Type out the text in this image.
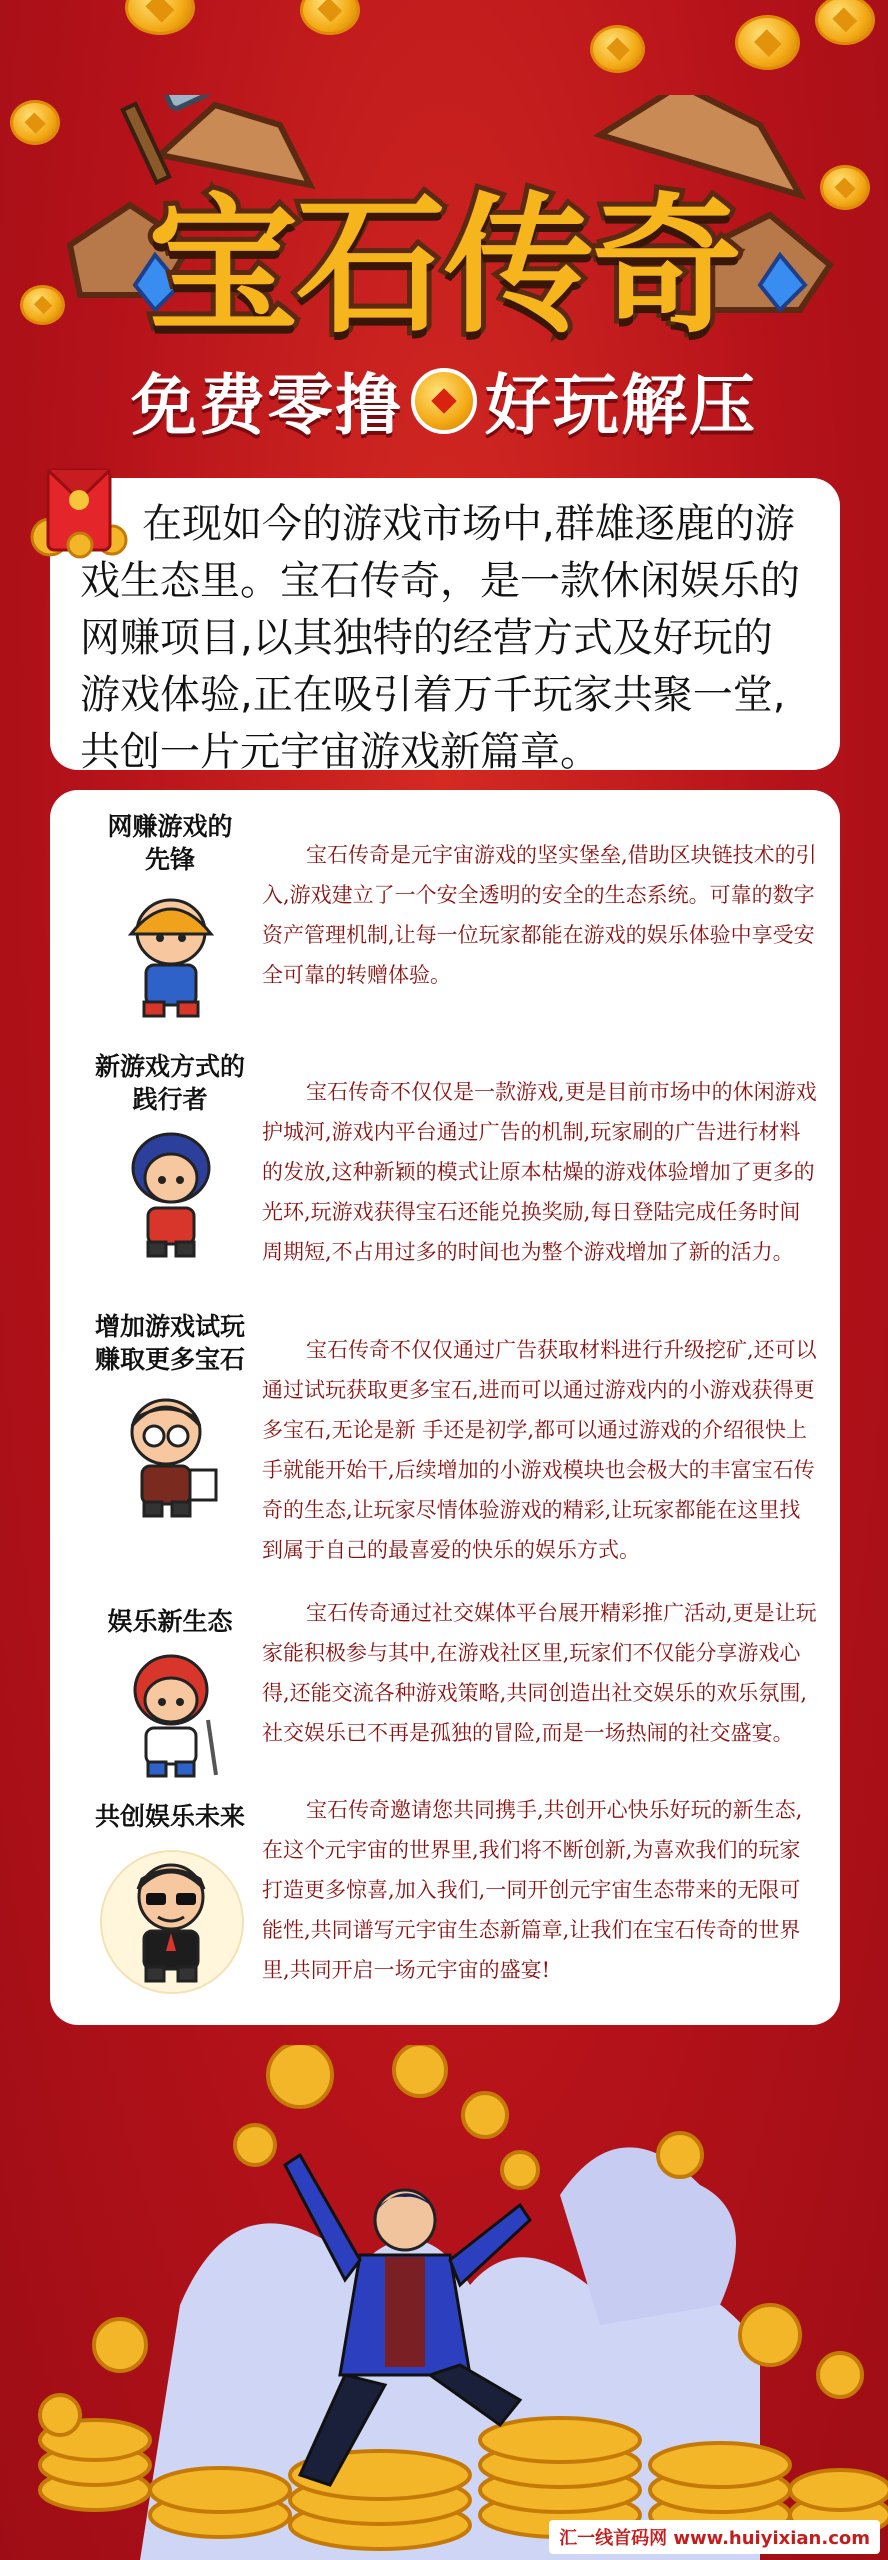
宝石传奇
免费零撸 好玩解压

在现如今的游戏市场中,群雄逐鹿的游戏生态里。宝石传奇，是一款休闲娱乐的网赚项目,以其独特的经营方式及好玩的游戏体验,正在吸引着万千玩家共聚一堂,共创一片元宇宙游戏新篇章。

网赚游戏的
先锋	宝石传奇是元宇宙游戏的坚实堡垒,借助区块链技术的引入,游戏建立了一个安全透明的安全的生态系统。可靠的数字资产管理机制,让每一位玩家都能在游戏的娱乐体验中享受安全可靠的转赠体验。

新游戏方式的
践行者	宝石传奇不仅仅是一款游戏,更是目前市场中的休闲游戏护城河,游戏内平台通过广告的机制,玩家刷的广告进行材料的发放,这种新颖的模式让原本枯燥的游戏体验增加了更多的光环,玩游戏获得宝石还能兑换奖励,每日登陆完成任务时间周期短,不占用过多的时间也为整个游戏增加了新的活力。

增加游戏试玩
赚取更多宝石	宝石传奇不仅仅通过广告获取材料进行升级挖矿,还可以通过试玩获取更多宝石,进而可以通过游戏内的小游戏获得更多宝石,无论是新 手还是初学,都可以通过游戏的介绍很快上手就能开始干,后续增加的小游戏模块也会极大的丰富宝石传奇的生态,让玩家尽情体验游戏的精彩,让玩家都能在这里找到属于自己的最喜爱的快乐的娱乐方式。

娱乐新生态	宝石传奇通过社交媒体平台展开精彩推广活动,更是让玩家能积极参与其中,在游戏社区里,玩家们不仅能分享游戏心得,还能交流各种游戏策略,共同创造出社交娱乐的欢乐氛围,社交娱乐已不再是孤独的冒险,而是一场热闹的社交盛宴。

共创娱乐未来	宝石传奇邀请您共同携手,共创开心快乐好玩的新生态,在这个元宇宙的世界里,我们将不断创新,为喜欢我们的玩家打造更多惊喜,加入我们,一同开创元宇宙生态带来的无限可能性,共同谱写元宇宙生态新篇章,让我们在宝石传奇的世界里,共同开启一场元宇宙的盛宴!

汇一线首码网 www.huiyixian.com
